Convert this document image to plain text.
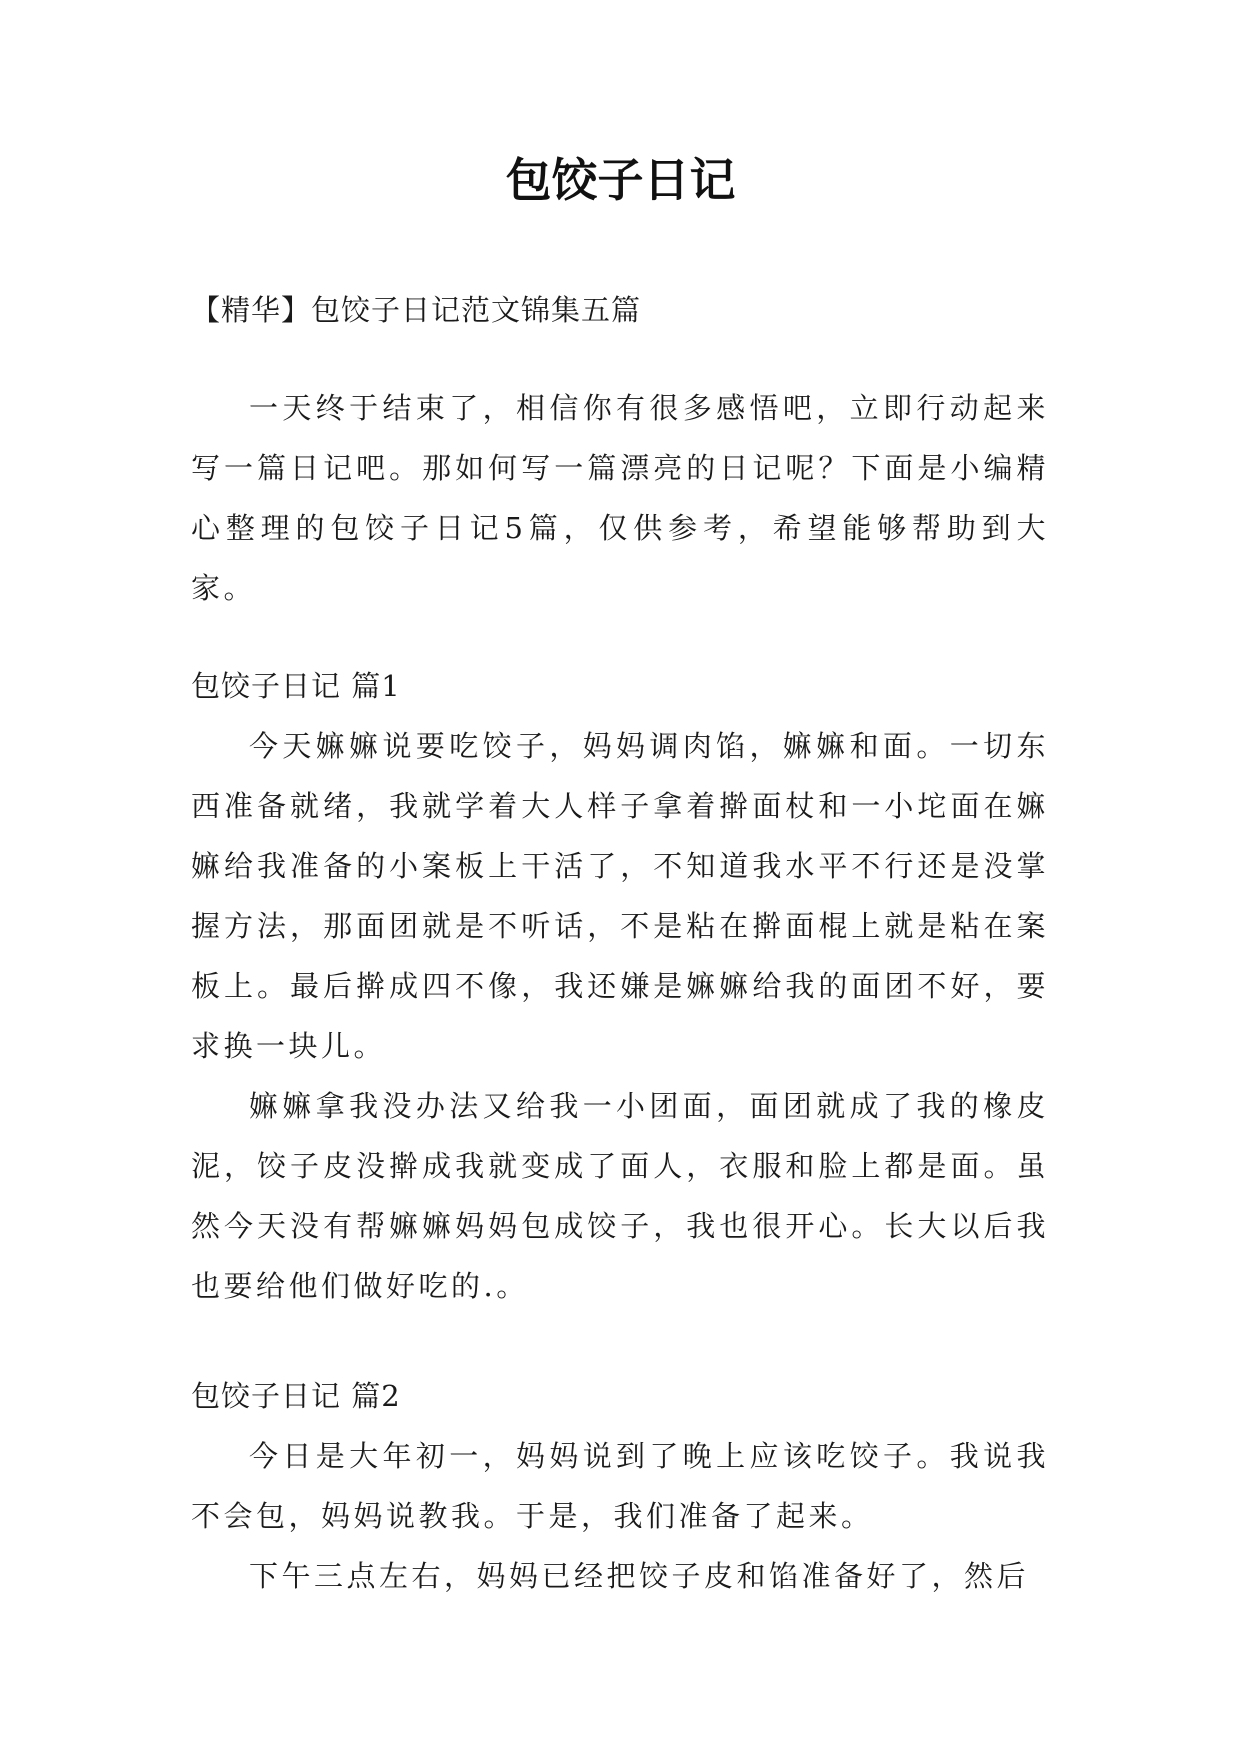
包饺子日记

【精华】包饺子日记范文锦集五篇

一天终于结束了，相信你有很多感悟吧，立即行动起来写一篇日记吧。那如何写一篇漂亮的日记呢？下面是小编精心整理的包饺子日记5篇，仅供参考，希望能够帮助到大家。

包饺子日记 篇1

今天嫲嫲说要吃饺子，妈妈调肉馅，嫲嫲和面。一切东西准备就绪，我就学着大人样子拿着擀面杖和一小坨面在嫲嫲给我准备的小案板上干活了，不知道我水平不行还是没掌握方法，那面团就是不听话，不是粘在擀面棍上就是粘在案板上。最后擀成四不像，我还嫌是嫲嫲给我的面团不好，要求换一块儿。

嫲嫲拿我没办法又给我一小团面，面团就成了我的橡皮泥，饺子皮没擀成我就变成了面人，衣服和脸上都是面。虽然今天没有帮嫲嫲妈妈包成饺子，我也很开心。长大以后我也要给他们做好吃的.。

包饺子日记 篇2

今日是大年初一，妈妈说到了晚上应该吃饺子。我说我不会包，妈妈说教我。于是，我们准备了起来。

下午三点左右，妈妈已经把饺子皮和馅准备好了，然后
